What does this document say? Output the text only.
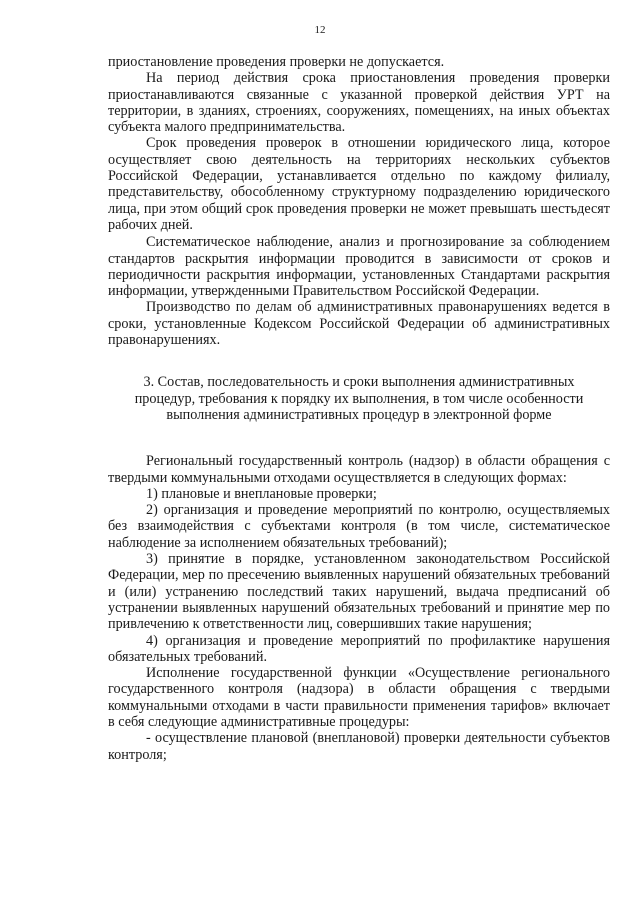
12

приостановление проведения проверки не допускается.

На период действия срока приостановления проведения проверки приостанавливаются связанные с указанной проверкой действия УРТ на территории, в зданиях, строениях, сооружениях, помещениях, на иных объектах субъекта малого предпринимательства.

Срок проведения проверок в отношении юридического лица, которое осуществляет свою деятельность на территориях нескольких субъектов Российской Федерации, устанавливается отдельно по каждому филиалу, представительству, обособленному структурному подразделению юридического лица, при этом общий срок проведения проверки не может превышать шестьдесят рабочих дней.

Систематическое наблюдение, анализ и прогнозирование за соблюдением стандартов раскрытия информации проводится в зависимости от сроков и периодичности раскрытия информации, установленных Стандартами раскрытия информации, утвержденными Правительством Российской Федерации.

Производство по делам об административных правонарушениях ведется в сроки, установленные Кодексом Российской Федерации об административных правонарушениях.

3. Состав, последовательность и сроки выполнения административных
процедур, требования к порядку их выполнения, в том числе особенности
выполнения административных процедур в электронной форме

Региональный государственный контроль (надзор) в области обращения с твердыми коммунальными отходами осуществляется в следующих формах:

1) плановые и внеплановые проверки;

2) организация и проведение мероприятий по контролю, осуществляемых без взаимодействия с субъектами контроля (в том числе, систематическое наблюдение за исполнением обязательных требований);

3) принятие в порядке, установленном законодательством Российской Федерации, мер по пресечению выявленных нарушений обязательных требований и (или) устранению последствий таких нарушений, выдача предписаний об устранении выявленных нарушений обязательных требований и принятие мер по привлечению к ответственности лиц, совершивших такие нарушения;

4) организация и проведение мероприятий по профилактике нарушения обязательных требований.

Исполнение государственной функции «Осуществление регионального государственного контроля (надзора) в области обращения с твердыми коммунальными отходами в части правильности применения тарифов» включает в себя следующие административные процедуры:

- осуществление плановой (внеплановой) проверки деятельности субъектов контроля;
